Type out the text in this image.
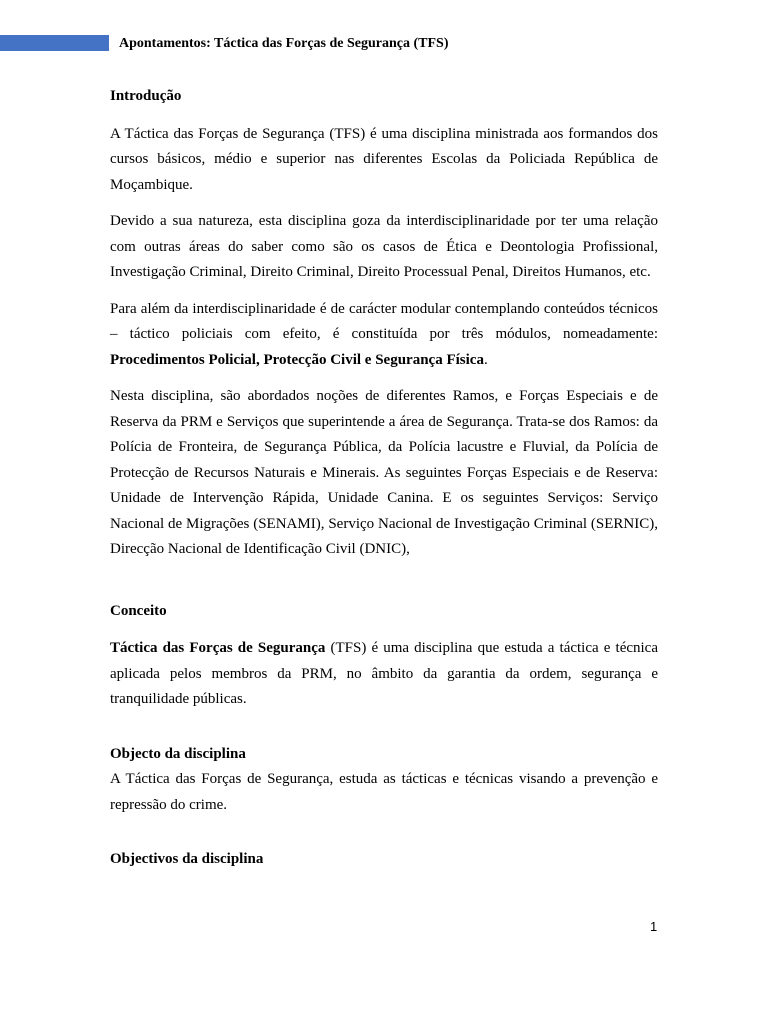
Apontamentos: Táctica das Forças de Segurança (TFS)

Introdução

A Táctica das Forças de Segurança (TFS) é uma disciplina ministrada aos formandos dos cursos básicos, médio e superior nas diferentes Escolas da Policiada República de Moçambique.

Devido a sua natureza, esta disciplina goza da interdisciplinaridade por ter uma relação com outras áreas do saber como são os casos de Ética e Deontologia Profissional, Investigação Criminal, Direito Criminal, Direito Processual Penal, Direitos Humanos, etc.

Para além da interdisciplinaridade é de carácter modular contemplando conteúdos técnicos – táctico policiais com efeito, é constituída por três módulos, nomeadamente: Procedimentos Policial, Protecção Civil e Segurança Física.

Nesta disciplina, são abordados noções de diferentes Ramos, e Forças Especiais e de Reserva da PRM e Serviços que superintende a área de Segurança. Trata-se dos Ramos: da Polícia de Fronteira, de Segurança Pública, da Polícia lacustre e Fluvial, da Polícia de Protecção de Recursos Naturais e Minerais. As seguintes Forças Especiais e de Reserva: Unidade de Intervenção Rápida, Unidade Canina. E os seguintes Serviços: Serviço Nacional de Migrações (SENAMI), Serviço Nacional de Investigação Criminal (SERNIC), Direcção Nacional de Identificação Civil (DNIC),

Conceito

Táctica das Forças de Segurança (TFS) é uma disciplina que estuda a táctica e técnica aplicada pelos membros da PRM, no âmbito da garantia da ordem, segurança e tranquilidade públicas.

Objecto da disciplina

A Táctica das Forças de Segurança, estuda as tácticas e técnicas visando a prevenção e repressão do crime.

Objectivos da disciplina

1
